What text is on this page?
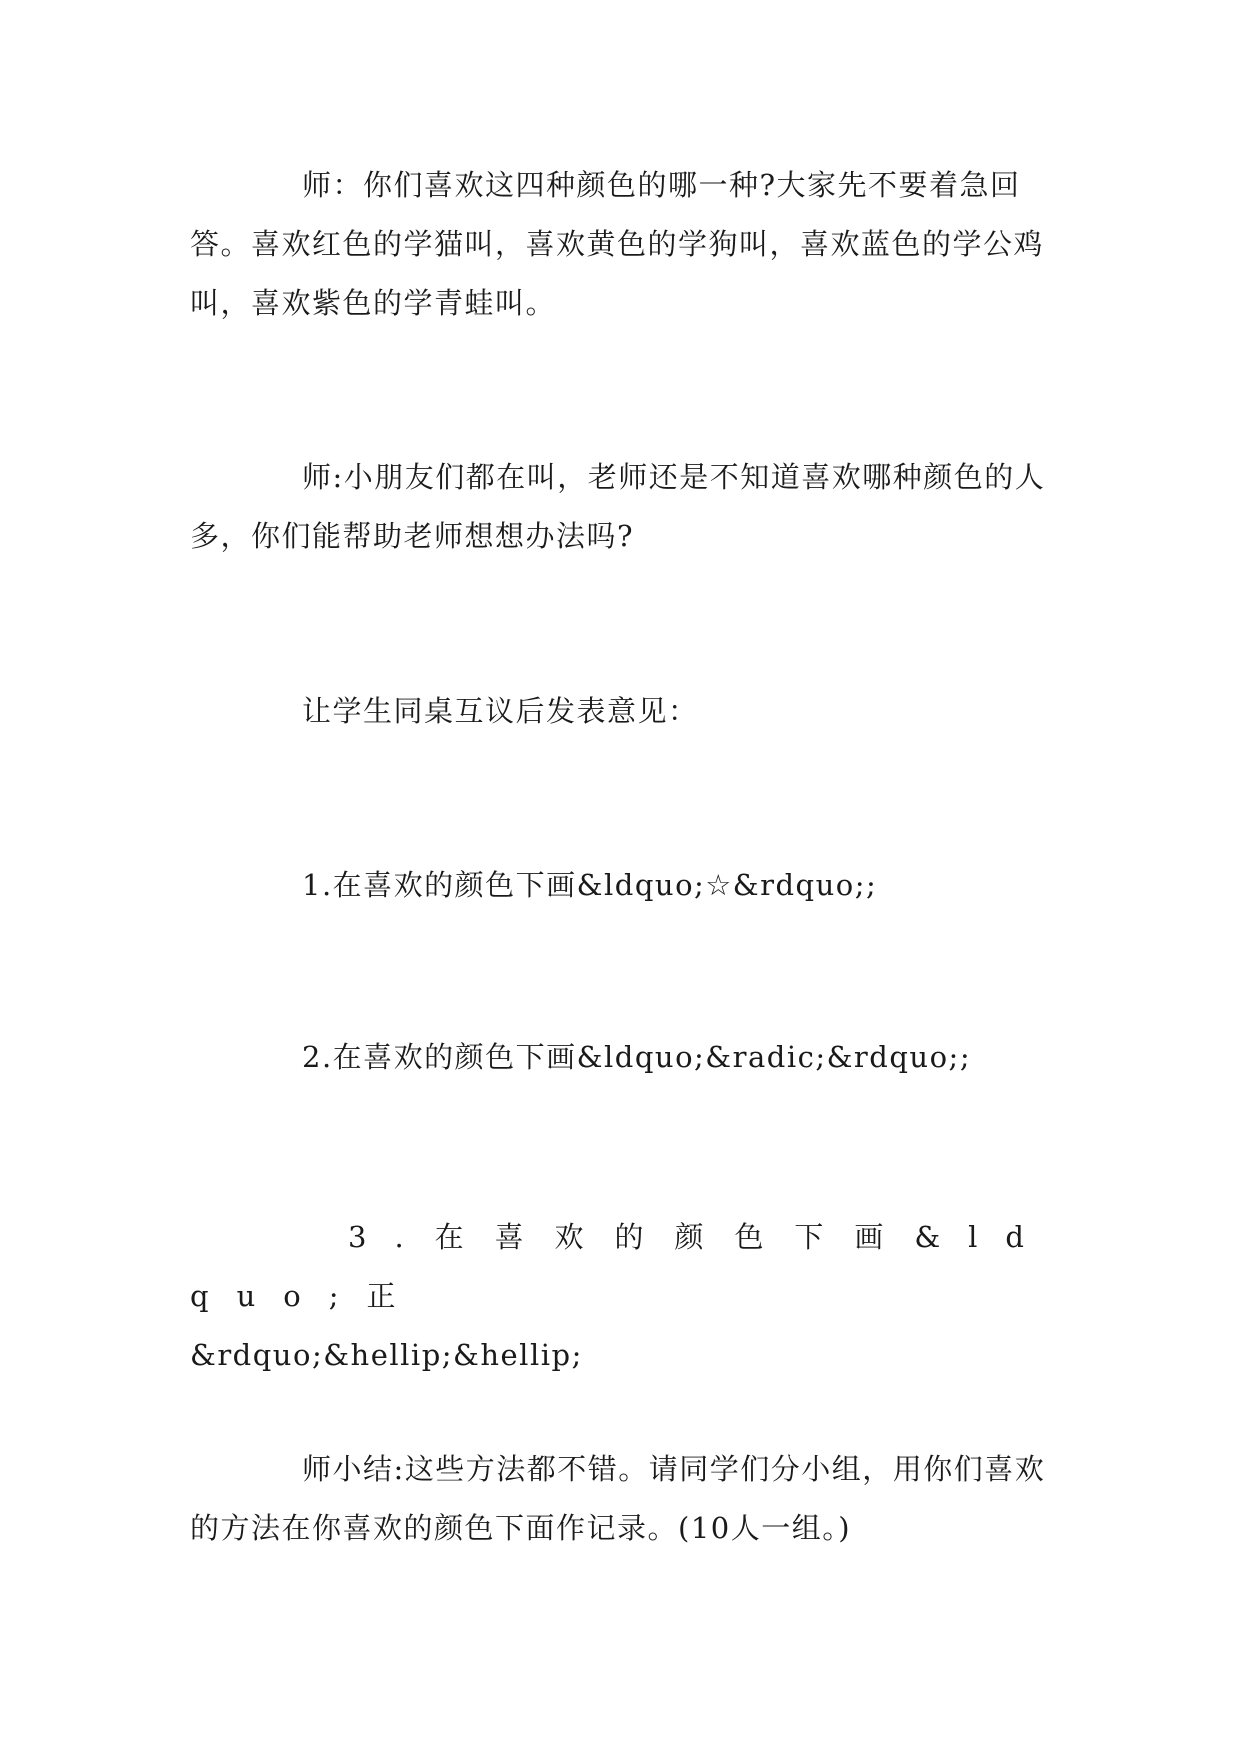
师：你们喜欢这四种颜色的哪一种?大家先不要着急回答。喜欢红色的学猫叫，喜欢黄色的学狗叫，喜欢蓝色的学公鸡叫，喜欢紫色的学青蛙叫。

师:小朋友们都在叫，老师还是不知道喜欢哪种颜色的人多，你们能帮助老师想想办法吗?

让学生同桌互议后发表意见：

1.在喜欢的颜色下画&ldquo;☆&rdquo;;

2.在喜欢的颜色下画&ldquo;&radic;&rdquo;;

3.在喜欢的颜色下画&ldquo;正
&rdquo;&hellip;&hellip;

师小结:这些方法都不错。请同学们分小组，用你们喜欢的方法在你喜欢的颜色下面作记录。(10人一组。)
